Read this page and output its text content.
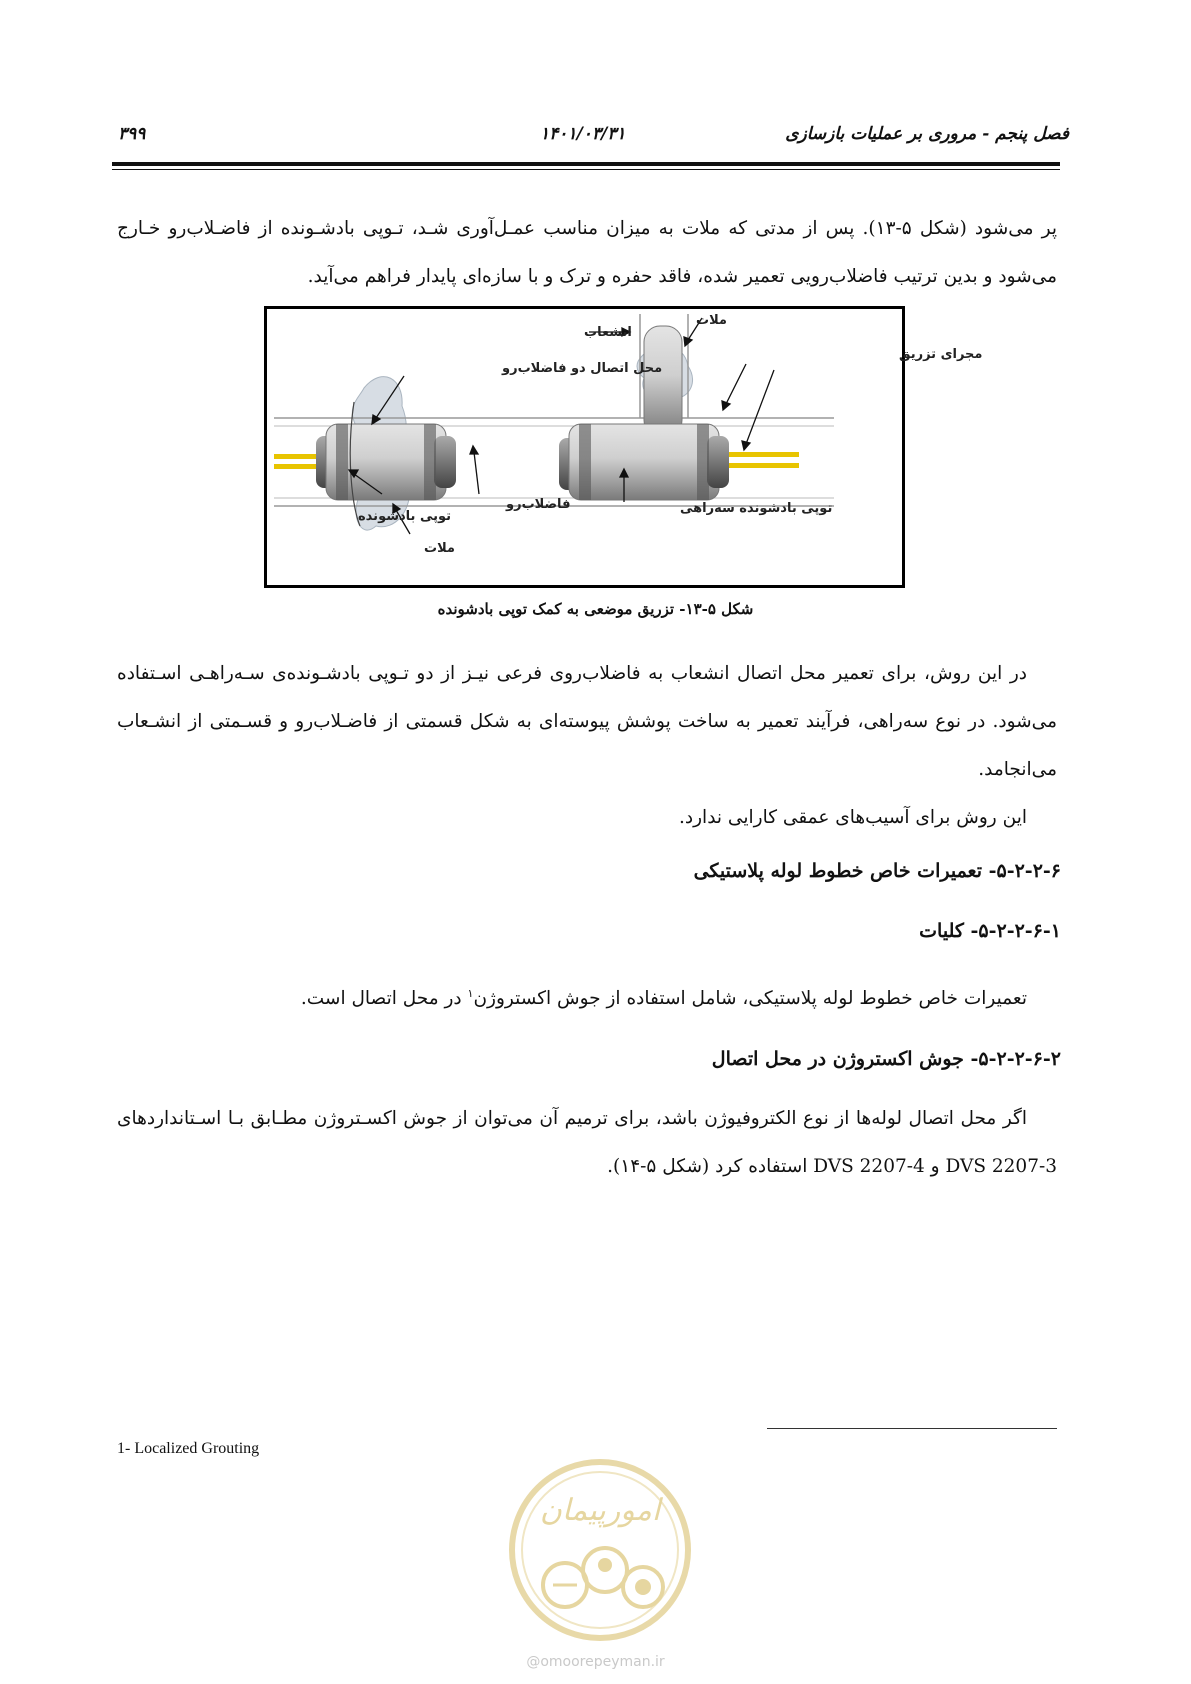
فصل پنجم - مروری بر عملیات بازسازی
۱۴۰۱/۰۳/۳۱
۳۹۹

پر می‌شود (شکل ۵-۱۳). پس از مدتی که ملات به میزان مناسب عمـل‌آوری شـد، تـوپی بادشـونده از فاضـلاب‌رو خـارج می‌شود و بدین ترتیب فاضلاب‌رویی تعمیر شده، فاقد حفره و ترک و با سازه‌ای پایدار فراهم می‌آید.

ملات
انشعاب
مجرای تزریق
محل اتصال دو فاضلاب‌رو
فاضلاب‌رو	توپی بادشونده سه‌راهی
توپی بادشونده
ملات
شکل ۵-۱۳- تزریق موضعی به کمک توپی بادشونده

در این روش، برای تعمیر محل اتصال انشعاب به فاضلاب‌روی فرعی نیـز از دو تـوپی بادشـونده‌ی سـه‌راهـی اسـتفاده می‌شود. در نوع سه‌راهی، فرآیند تعمیر به ساخت پوشش پیوسته‌ای به شکل قسمتی از فاضـلاب‌رو و قسـمتی از انشـعاب می‌انجامد.

این روش برای آسیب‌های عمقی کارایی ندارد.

۵-۲-۲-۶- تعمیرات خاص خطوط لوله پلاستیکی
۵-۲-۲-۶-۱- کلیات

تعمیرات خاص خطوط لوله پلاستیکی، شامل استفاده از جوش اکستروژن$^۱$ در محل اتصال است.

۵-۲-۲-۶-۲- جوش اکستروژن در محل اتصال

اگر محل اتصال لوله‌ها از نوع الکتروفیوژن باشد، برای ترمیم آن می‌توان از جوش اکسـتروژن مطـابق بـا اسـتانداردهای DVS 2207-3 و DVS 2207-4 استفاده کرد (شکل ۵-۱۴).

1- Localized Grouting
امورپیمان
@omoorepeyman.ir
